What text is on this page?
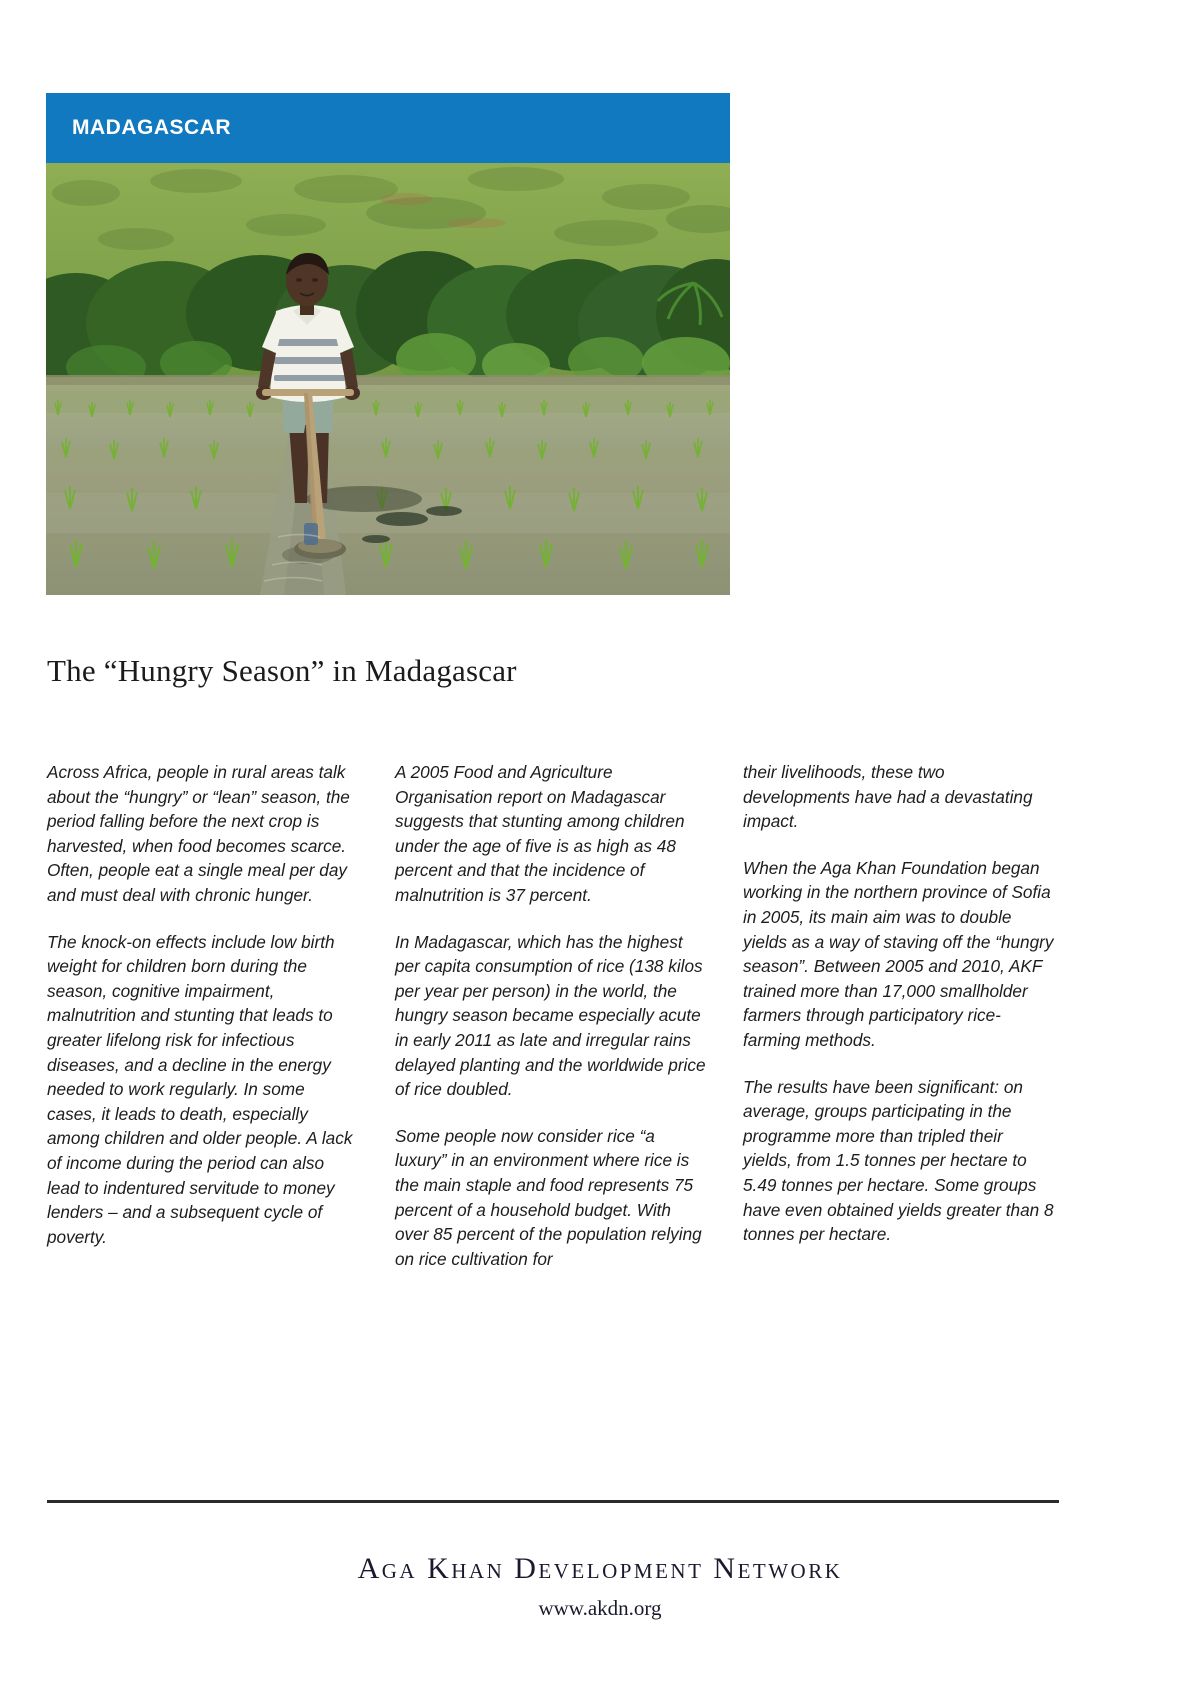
MADAGASCAR
The “Hungry Season” in Madagascar

Across Africa, people in rural areas talk about the “hungry” or “lean” season, the period falling before the next crop is harvested, when food becomes scarce. Often, people eat a single meal per day and must deal with chronic hunger.

The knock-on effects include low birth weight for children born during the season, cognitive impairment, malnutrition and stunting that leads to greater lifelong risk for infectious diseases, and a decline in the energy needed to work regularly. In some cases, it leads to death, especially among children and older people. A lack of income during the period can also lead to indentured servitude to money lenders – and a subsequent cycle of poverty.

A 2005 Food and Agriculture Organisation report on Madagascar suggests that stunting among children under the age of five is as high as 48 percent and that the incidence of malnutrition is 37 percent.

In Madagascar, which has the highest per capita consumption of rice (138 kilos per year per person) in the world, the hungry season became especially acute in early 2011 as late and irregular rains delayed planting and the worldwide price of rice doubled.

Some people now consider rice “a luxury” in an environment where rice is the main staple and food represents 75 percent of a household budget. With over 85 percent of the population relying on rice cultivation for

their livelihoods, these two developments have had a devastating impact.

When the Aga Khan Foundation began working in the northern province of Sofia in 2005, its main aim was to double yields as a way of staving off the “hungry season”. Between 2005 and 2010, AKF trained more than 17,000 smallholder farmers through participatory rice-farming methods.

The results have been significant: on average, groups participating in the programme more than tripled their yields, from 1.5 tonnes per hectare to 5.49 tonnes per hectare. Some groups have even obtained yields greater than 8 tonnes per hectare.

Aga Khan Development Network
www.akdn.org
